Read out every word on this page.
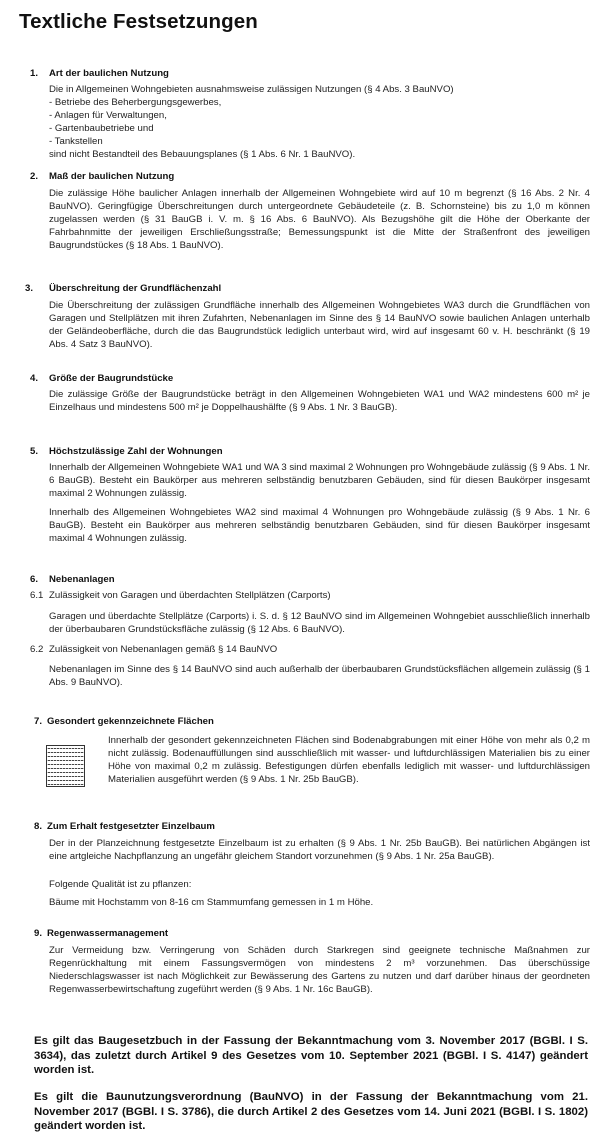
Textliche Festsetzungen
1. Art der baulichen Nutzung
Die in Allgemeinen Wohngebieten ausnahmsweise zulässigen Nutzungen (§ 4 Abs. 3 BauNVO)
- Betriebe des Beherbergungsgewerbes,
- Anlagen für Verwaltungen,
- Gartenbaubetriebe und
- Tankstellen
sind nicht Bestandteil des Bebauungsplanes (§ 1 Abs. 6 Nr. 1 BauNVO).
2. Maß der baulichen Nutzung

Die zulässige Höhe baulicher Anlagen innerhalb der Allgemeinen Wohngebiete wird auf 10 m begrenzt (§ 16 Abs. 2 Nr. 4 BauNVO). Geringfügige Überschreitungen durch untergeordnete Gebäudeteile (z. B. Schornsteine) bis zu 1,0 m können zugelassen werden (§ 31 BauGB i. V. m. § 16 Abs. 6 BauNVO). Als Bezugshöhe gilt die Höhe der Oberkante der Fahrbahnmitte der jeweiligen Erschließungsstraße; Bemessungspunkt ist die Mitte der Straßenfront des jeweiligen Baugrundstückes (§ 18 Abs. 1 BauNVO).

3. Überschreitung der Grundflächenzahl

Die Überschreitung der zulässigen Grundfläche innerhalb des Allgemeinen Wohngebietes WA3 durch die Grundflächen von Garagen und Stellplätzen mit ihren Zufahrten, Nebenanlagen im Sinne des § 14 BauNVO sowie baulichen Anlagen unterhalb der Geländeoberfläche, durch die das Baugrundstück lediglich unterbaut wird, wird auf insgesamt 60 v. H. beschränkt (§ 19 Abs. 4 Satz 3 BauNVO).

4. Größe der Baugrundstücke

Die zulässige Größe der Baugrundstücke beträgt in den Allgemeinen Wohngebieten WA1 und WA2 mindestens 600 m² je Einzelhaus und mindestens 500 m² je Doppelhaushälfte (§ 9 Abs. 1 Nr. 3 BauGB).

5. Höchstzulässige Zahl der Wohnungen

Innerhalb der Allgemeinen Wohngebiete WA1 und WA 3 sind maximal 2 Wohnungen pro Wohngebäude zulässig (§ 9 Abs. 1 Nr. 6 BauGB). Besteht ein Baukörper aus mehreren selbständig benutzbaren Gebäuden, sind für diesen Baukörper insgesamt maximal 2 Wohnungen zulässig.

Innerhalb des Allgemeinen Wohngebietes WA2 sind maximal 4 Wohnungen pro Wohngebäude zulässig (§ 9 Abs. 1 Nr. 6 BauGB). Besteht ein Baukörper aus mehreren selbständig benutzbaren Gebäuden, sind für diesen Baukörper insgesamt maximal 4 Wohnungen zulässig.

6. Nebenanlagen
6.1 Zulässigkeit von Garagen und überdachten Stellplätzen (Carports)

Garagen und überdachte Stellplätze (Carports) i. S. d. § 12 BauNVO sind im Allgemeinen Wohngebiet ausschließlich innerhalb der überbaubaren Grundstücksfläche zulässig (§ 12 Abs. 6 BauNVO).

6.2 Zulässigkeit von Nebenanlagen gemäß § 14 BauNVO

Nebenanlagen im Sinne des § 14 BauNVO sind auch außerhalb der überbaubaren Grundstücksflächen allgemein zulässig (§ 1 Abs. 9 BauNVO).

7. Gesondert gekennzeichnete Flächen

Innerhalb der gesondert gekennzeichneten Flächen sind Bodenabgrabungen mit einer Höhe von mehr als 0,2 m nicht zulässig. Bodenauffüllungen sind ausschließlich mit wasser- und luftdurchlässigen Materialien bis zu einer Höhe von maximal 0,2 m zulässig. Befestigungen dürfen ebenfalls lediglich mit wasser- und luftdurchlässigen Materialien ausgeführt werden (§ 9 Abs. 1 Nr. 25b BauGB).

8. Zum Erhalt festgesetzter Einzelbaum

Der in der Planzeichnung festgesetzte Einzelbaum ist zu erhalten (§ 9 Abs. 1 Nr. 25b BauGB). Bei natürlichen Abgängen ist eine artgleiche Nachpflanzung an ungefähr gleichem Standort vorzunehmen (§ 9 Abs. 1 Nr. 25a BauGB).

Folgende Qualität ist zu pflanzen:

Bäume mit Hochstamm von 8-16 cm Stammumfang gemessen in 1 m Höhe.

9. Regenwassermanagement

Zur Vermeidung bzw. Verringerung von Schäden durch Starkregen sind geeignete technische Maßnahmen zur Regenrückhaltung mit einem Fassungsvermögen von mindestens 2 m³ vorzunehmen. Das überschüssige Niederschlagswasser ist nach Möglichkeit zur Bewässerung des Gartens zu nutzen und darf darüber hinaus der geordneten Regenwasserbewirtschaftung zugeführt werden (§ 9 Abs. 1 Nr. 16c BauGB).

Es gilt das Baugesetzbuch in der Fassung der Bekanntmachung vom 3. November 2017 (BGBl. I S. 3634), das zuletzt durch Artikel 9 des Gesetzes vom 10. September 2021 (BGBl. I S. 4147) geändert worden ist.
Es gilt die Baunutzungsverordnung (BauNVO) in der Fassung der Bekanntmachung vom 21. November 2017 (BGBl. I S. 3786), die durch Artikel 2 des Gesetzes vom 14. Juni 2021 (BGBl. I S. 1802) geändert worden ist.
